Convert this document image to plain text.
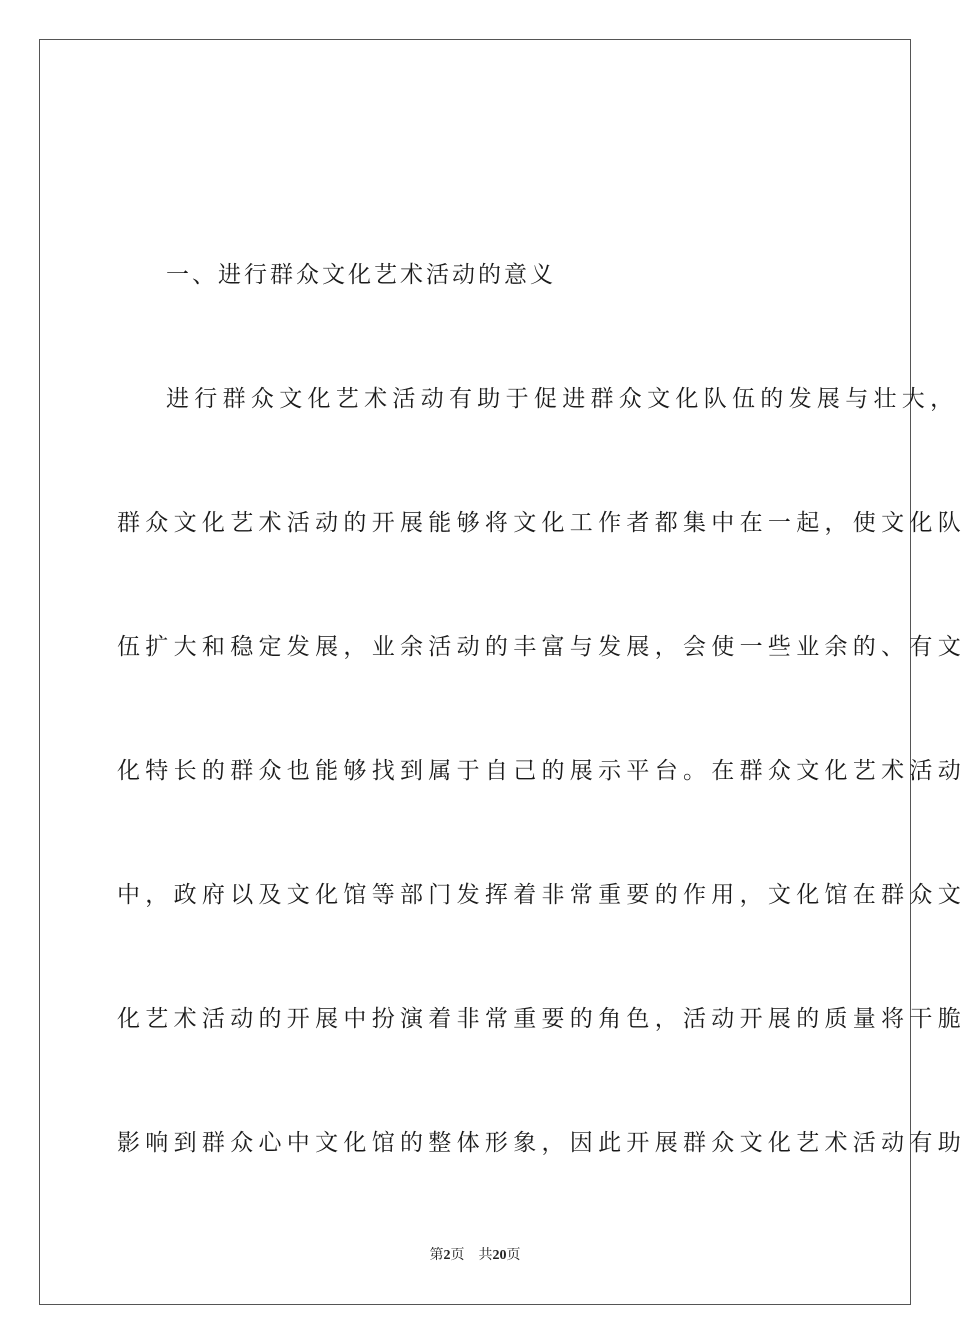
一、进行群众文化艺术活动的意义
进行群众文化艺术活动有助于促进群众文化队伍的发展与壮大，
群众文化艺术活动的开展能够将文化工作者都集中在一起，使文化队
伍扩大和稳定发展，业余活动的丰富与发展，会使一些业余的、有文
化特长的群众也能够找到属于自己的展示平台。在群众文化艺术活动
中，政府以及文化馆等部门发挥着非常重要的作用，文化馆在群众文
化艺术活动的开展中扮演着非常重要的角色，活动开展的质量将干脆
影响到群众心中文化馆的整体形象，因此开展群众文化艺术活动有助
第2页 共20页
